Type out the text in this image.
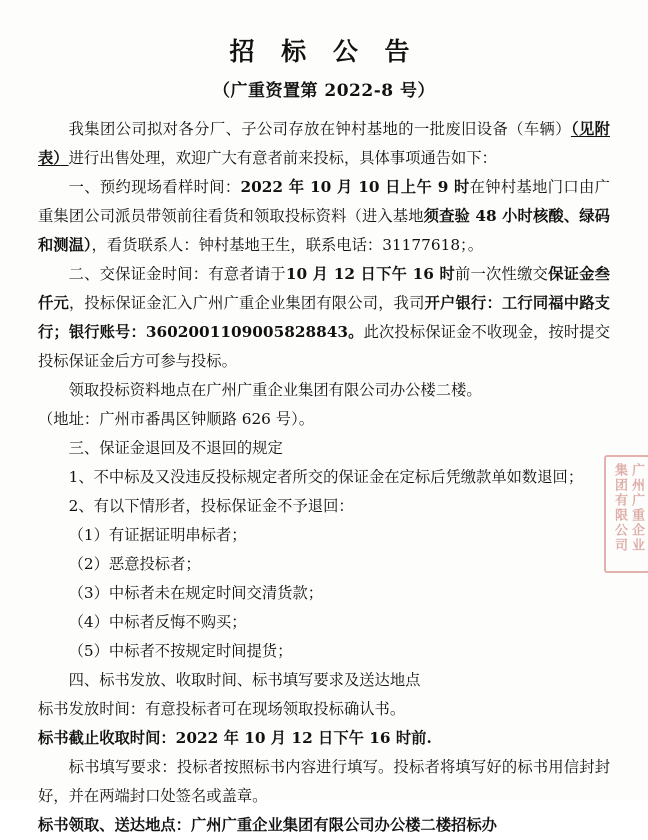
招 标 公 告
（广重资置第 2022-8 号）

我集团公司拟对各分厂、子公司存放在钟村基地的一批废旧设备（车辆）（见附表）进行出售处理，欢迎广大有意者前来投标，具体事项通告如下：

一、预约现场看样时间：2022 年 10 月 10 日上午 9 时在钟村基地门口由广重集团公司派员带领前往看货和领取投标资料（进入基地须查验 48 小时核酸、绿码和测温），看货联系人：钟村基地王生，联系电话：31177618；。

二、交保证金时间：有意者请于10 月 12 日下午 16 时前一次性缴交保证金叁仟元，投标保证金汇入广州广重企业集团有限公司，我司开户银行：工行同福中路支行；银行账号：3602001109005828843。此次投标保证金不收现金，按时提交投标保证金后方可参与投标。

领取投标资料地点在广州广重企业集团有限公司办公楼二楼。

（地址：广州市番禺区钟顺路 626 号）。

三、保证金退回及不退回的规定

1、不中标及又没违反投标规定者所交的保证金在定标后凭缴款单如数退回；

2、有以下情形者，投标保证金不予退回：

（1）有证据证明串标者；

（2）恶意投标者；

（3）中标者未在规定时间交清货款；

（4）中标者反悔不购买；

（5）中标者不按规定时间提货；

四、标书发放、收取时间、标书填写要求及送达地点

标书发放时间：有意投标者可在现场领取投标确认书。

标书截止收取时间：2022 年 10 月 12 日下午 16 时前.

标书填写要求：投标者按照标书内容进行填写。投标者将填写好的标书用信封封好，并在两端封口处签名或盖章。

标书领取、送达地点：广州广重企业集团有限公司办公楼二楼招标办

广州广重企业集团有限公司
